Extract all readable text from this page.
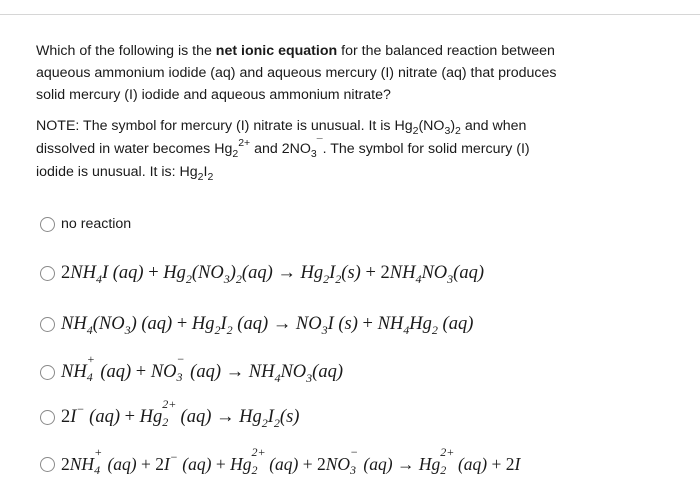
Which of the following is the net ionic equation for the balanced reaction between
aqueous ammonium iodide (aq) and aqueous mercury (I) nitrate (aq) that produces
solid mercury (I) iodide and aqueous ammonium nitrate?
NOTE: The symbol for mercury (I) nitrate is unusual. It is $Hg_2(NO_3)_2$ and when
dissolved in water becomes $Hg_2^{2+}$ and $2NO_3^¯$. The symbol for solid mercury (I)
iodide is unusual. It is: $Hg_2I_2$
no reaction
$2NH_4I$ $(aq) + Hg_2(NO_3)_2(aq) \to Hg_2I_2(s) + 2NH_4NO_3(aq)$
$NH_4(NO_3) (aq) + Hg_2I_2$ $(aq) \to NO_3I$ $(s) + NH_4Hg_2$ (aq)
NH
+
4 (aq) + NO
−
3 $(aq) \to NH_4NO_3(aq)$
2I− (aq) + Hg
2+
2 $(aq) \to Hg_2I_2(s)$
2NH
+
4 (aq) + 2I− (aq) + Hg
2+
2 (aq) + 2NO
−
3 (aq) → Hg
2+
2 (aq) + 2I
